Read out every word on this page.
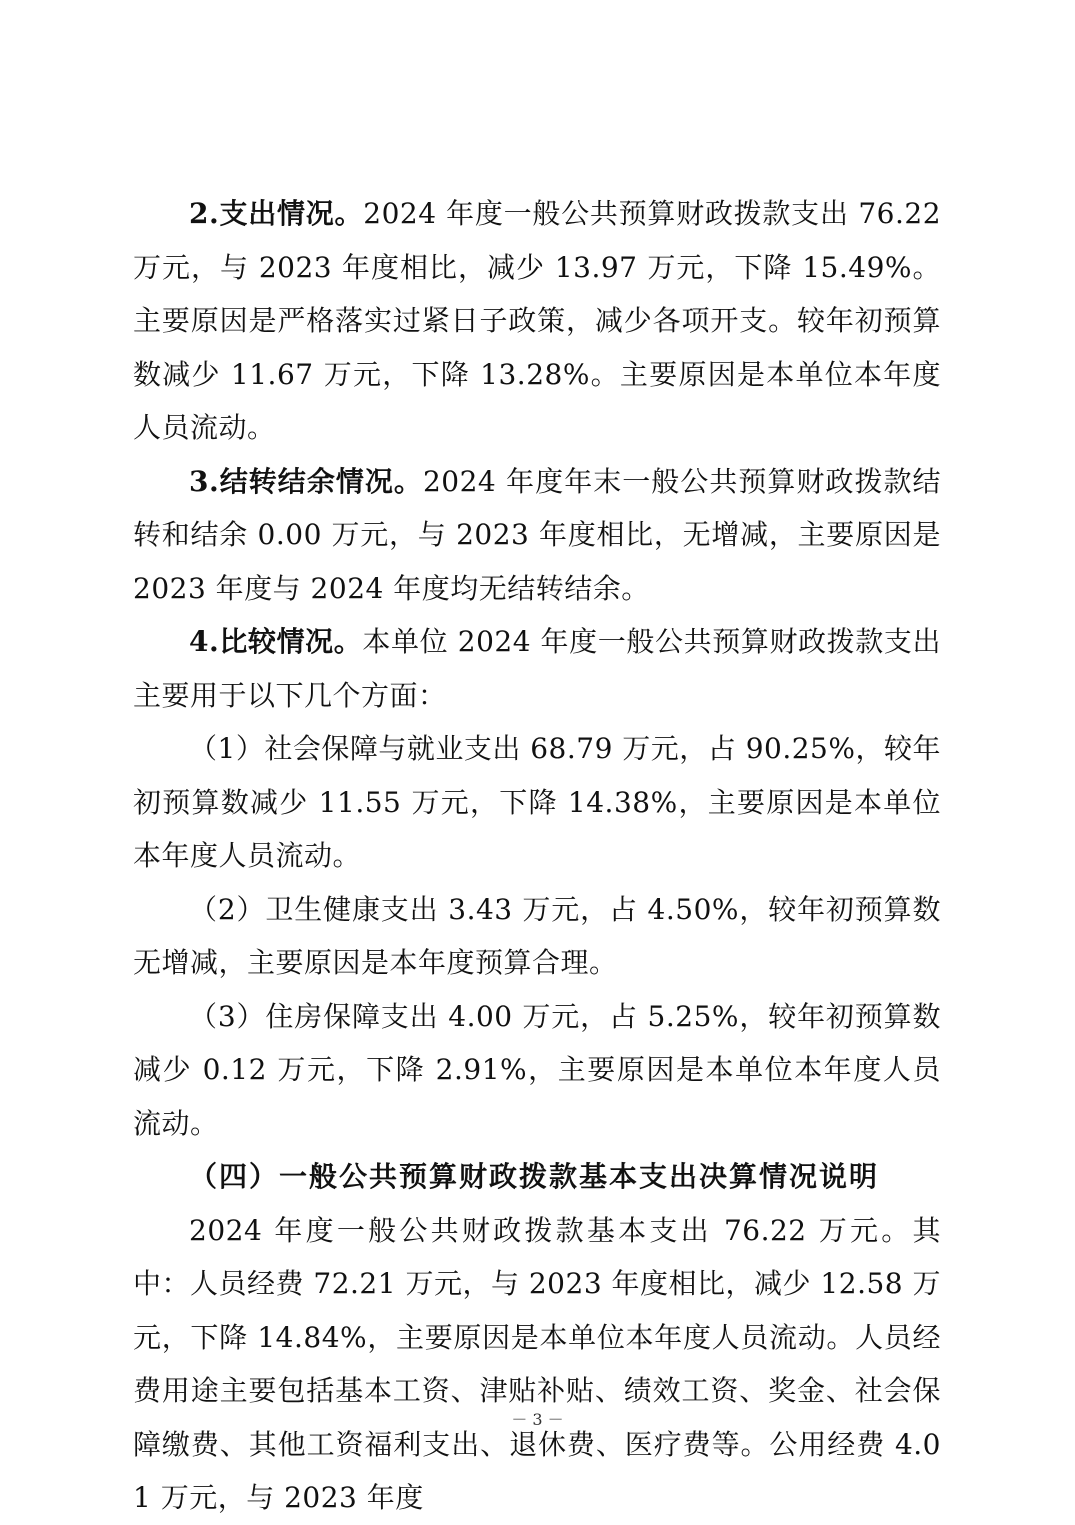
2.支出情况。2024 年度一般公共预算财政拨款支出 76.22 万元，与 2023 年度相比，减少 13.97 万元，下降 15.49%。主要原因是严格落实过紧日子政策，减少各项开支。较年初预算数减少 11.67 万元，下降 13.28%。主要原因是本单位本年度人员流动。

3.结转结余情况。2024 年度年末一般公共预算财政拨款结转和结余 0.00 万元，与 2023 年度相比，无增减，主要原因是 2023 年度与 2024 年度均无结转结余。

4.比较情况。本单位 2024 年度一般公共预算财政拨款支出主要用于以下几个方面：

（1）社会保障与就业支出 68.79 万元，占 90.25%，较年初预算数减少 11.55 万元，下降 14.38%，主要原因是本单位本年度人员流动。

（2）卫生健康支出 3.43 万元，占 4.50%，较年初预算数无增减，主要原因是本年度预算合理。

（3）住房保障支出 4.00 万元，占 5.25%，较年初预算数减少 0.12 万元，下降 2.91%，主要原因是本单位本年度人员流动。

（四）一般公共预算财政拨款基本支出决算情况说明

2024 年度一般公共财政拨款基本支出 76.22 万元。其中：人员经费 72.21 万元，与 2023 年度相比，减少 12.58 万元，下降 14.84%，主要原因是本单位本年度人员流动。人员经费用途主要包括基本工资、津贴补贴、绩效工资、奖金、社会保障缴费、其他工资福利支出、退休费、医疗费等。公用经费 4.01 万元，与 2023 年度

－ 3 －
